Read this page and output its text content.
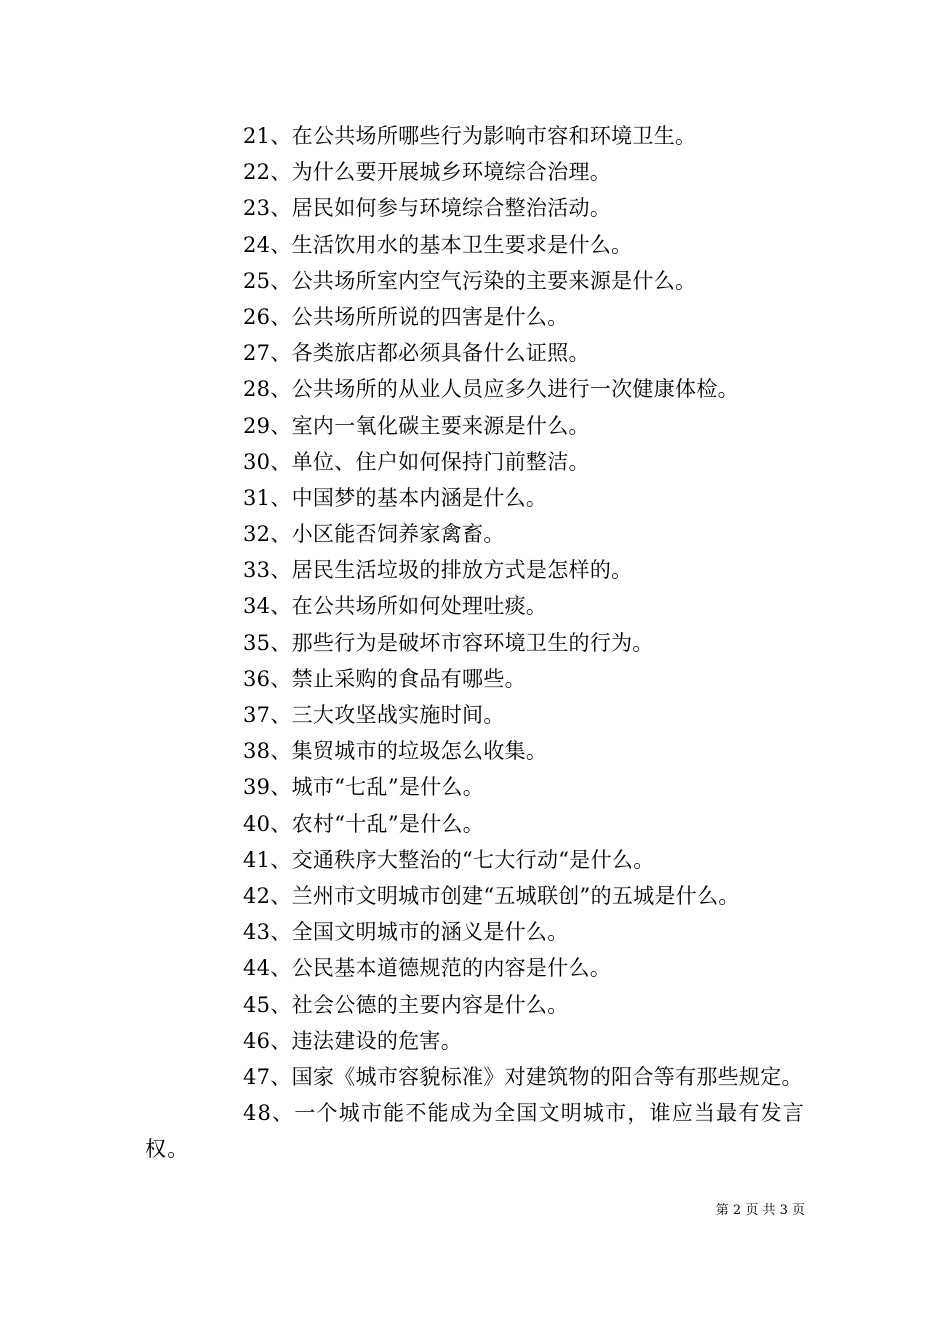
21、在公共场所哪些行为影响市容和环境卫生。
22、为什么要开展城乡环境综合治理。
23、居民如何参与环境综合整治活动。
24、生活饮用水的基本卫生要求是什么。
25、公共场所室内空气污染的主要来源是什么。
26、公共场所所说的四害是什么。
27、各类旅店都必须具备什么证照。
28、公共场所的从业人员应多久进行一次健康体检。
29、室内一氧化碳主要来源是什么。
30、单位、住户如何保持门前整洁。
31、中国梦的基本内涵是什么。
32、小区能否饲养家禽畜。
33、居民生活垃圾的排放方式是怎样的。
34、在公共场所如何处理吐痰。
35、那些行为是破坏市容环境卫生的行为。
36、禁止采购的食品有哪些。
37、三大攻坚战实施时间。
38、集贸城市的垃圾怎么收集。
39、城市“七乱”是什么。
40、农村“十乱”是什么。
41、交通秩序大整治的“七大行动“是什么。
42、兰州市文明城市创建“五城联创”的五城是什么。
43、全国文明城市的涵义是什么。
44、公民基本道德规范的内容是什么。
45、社会公德的主要内容是什么。
46、违法建设的危害。
47、国家《城市容貌标准》对建筑物的阳合等有那些规定。
48、一个城市能不能成为全国文明城市，谁应当最有发言权。
第 2 页 共 3 页
